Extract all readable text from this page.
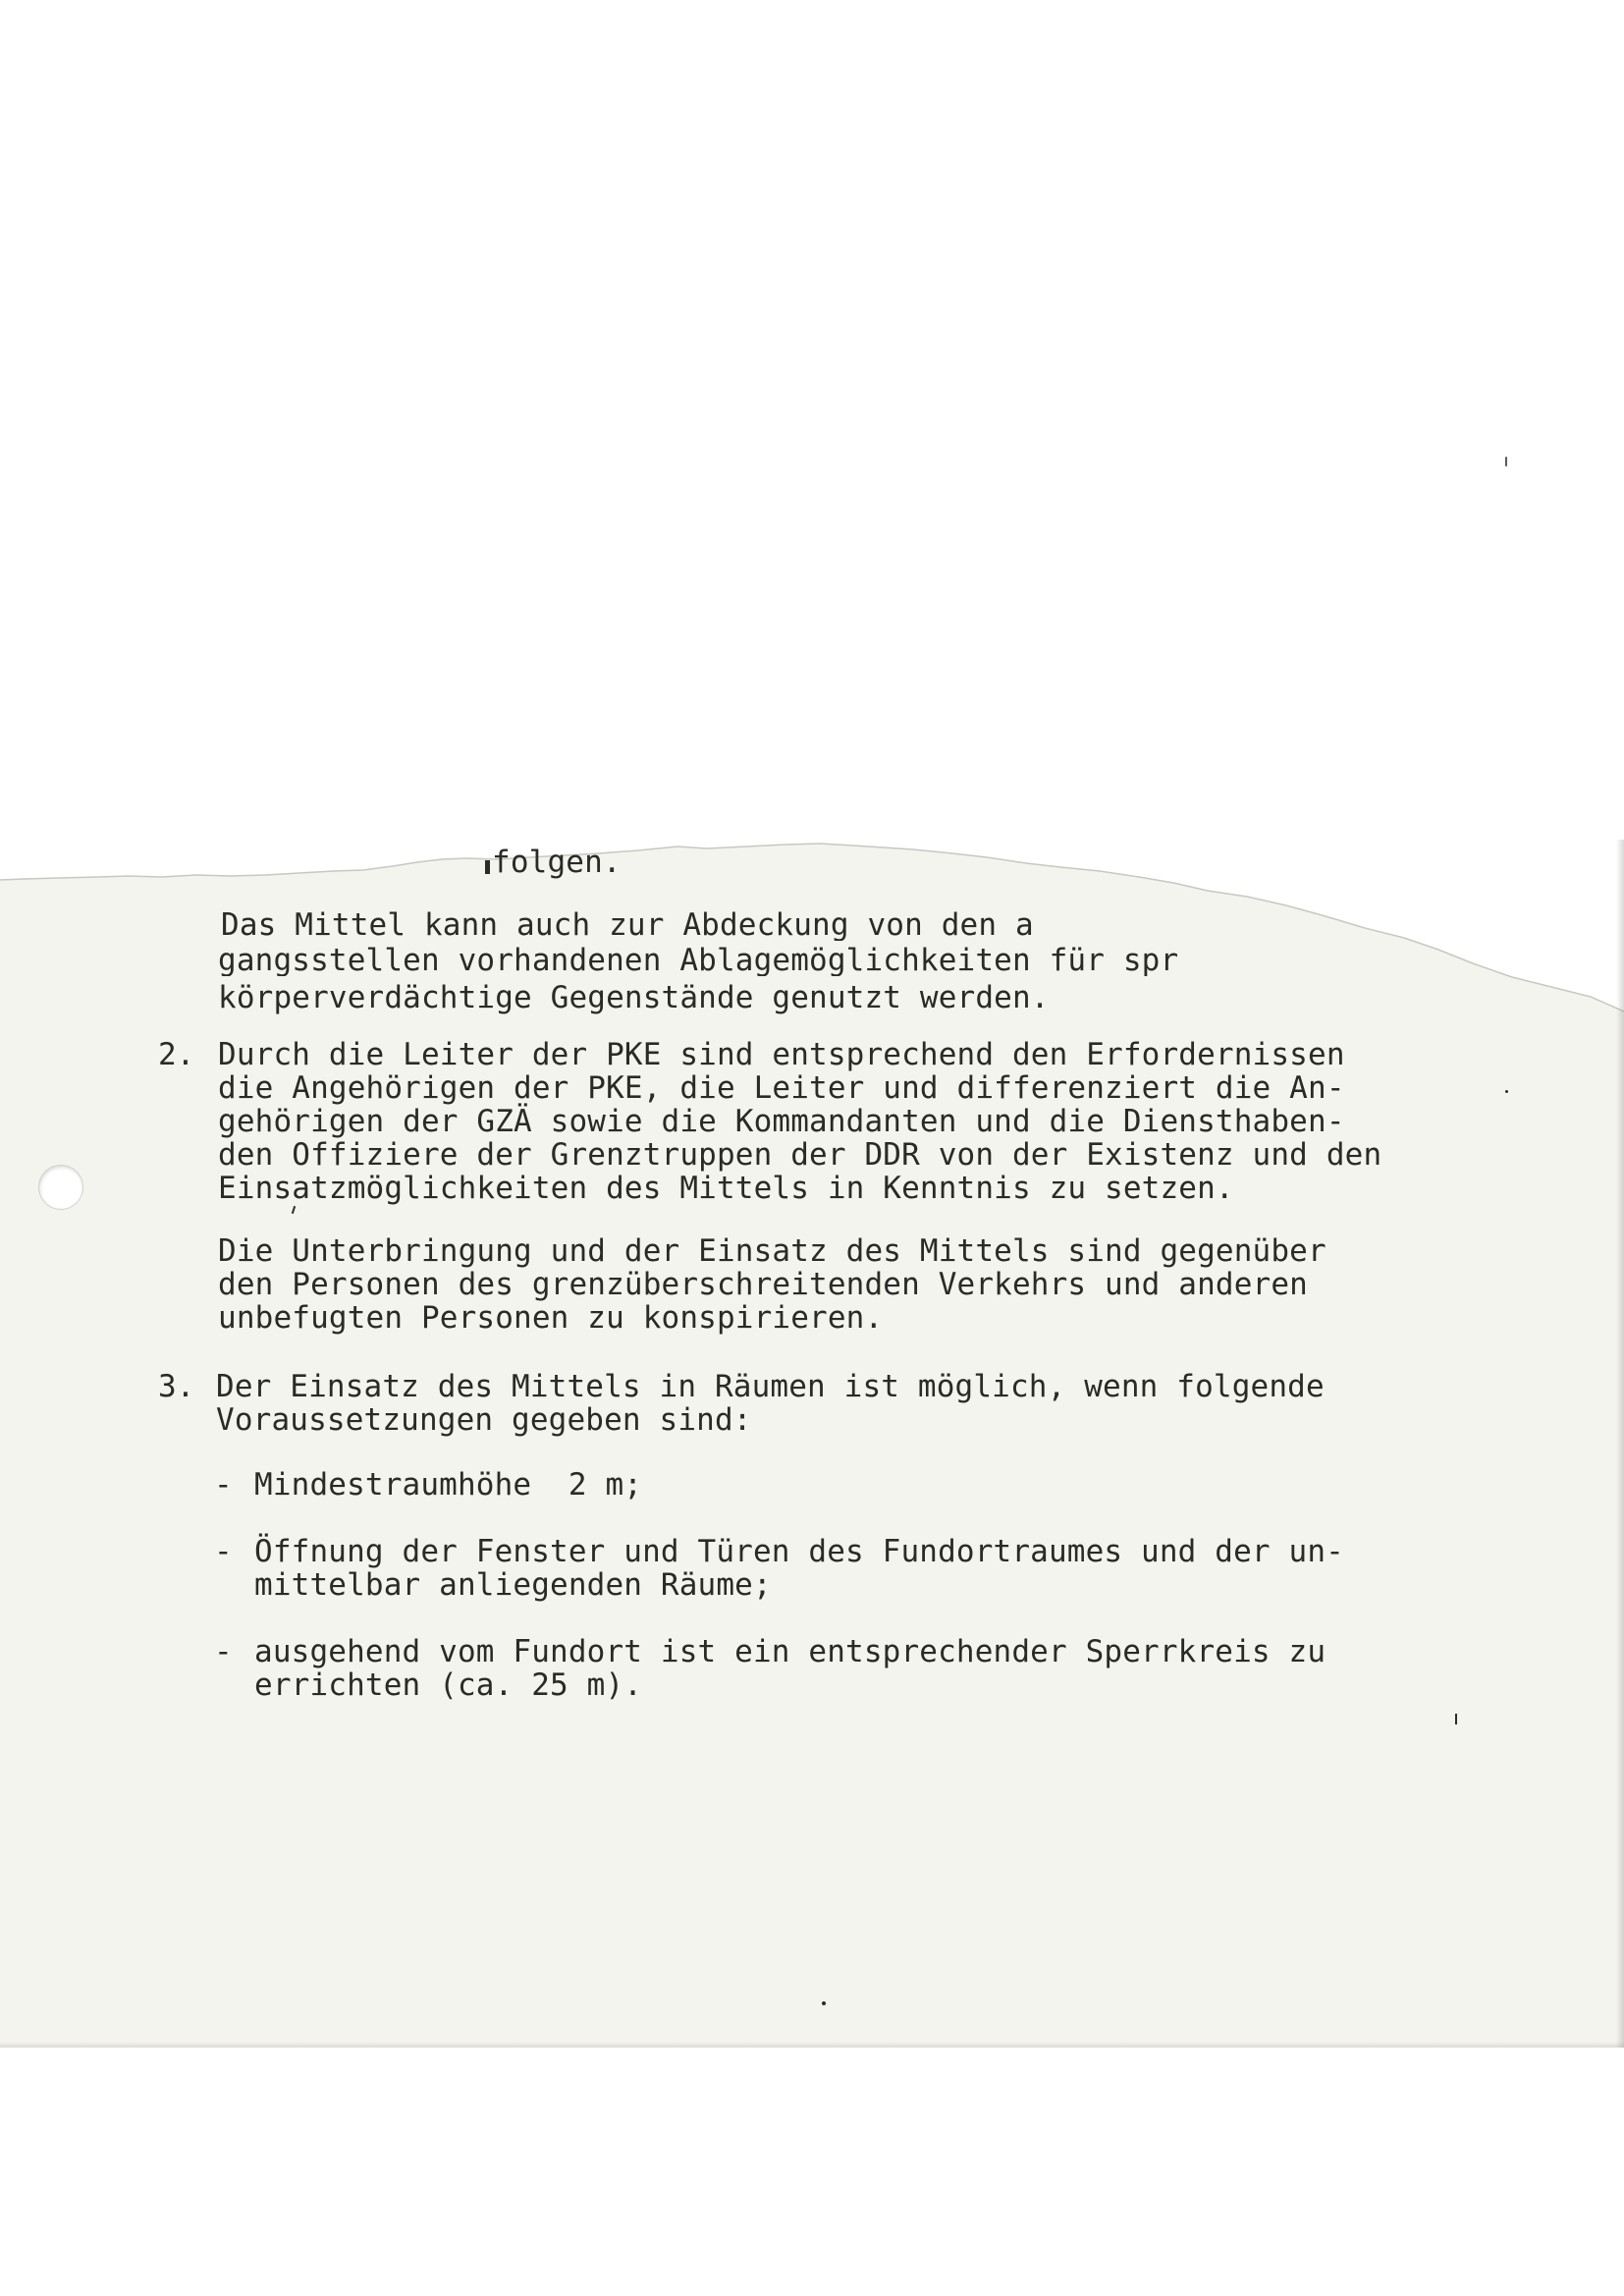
folgen.
Das Mittel kann auch zur Abdeckung von den a
gangsstellen vorhandenen Ablagemöglichkeiten für spr
körperverdächtige Gegenstände genutzt werden.
2. Durch die Leiter der PKE sind entsprechend den Erfordernissen
die Angehörigen der PKE, die Leiter und differenziert die An-
gehörigen der GZÄ sowie die Kommandanten und die Diensthaben-
den Offiziere der Grenztruppen der DDR von der Existenz und den
Einsatzmöglichkeiten des Mittels in Kenntnis zu setzen.
Die Unterbringung und der Einsatz des Mittels sind gegenüber
den Personen des grenzüberschreitenden Verkehrs und anderen
unbefugten Personen zu konspirieren.
3. Der Einsatz des Mittels in Räumen ist möglich, wenn folgende
Voraussetzungen gegeben sind:
- Mindestraumhöhe  2 m;
- Öffnung der Fenster und Türen des Fundortraumes und der un-
mittelbar anliegenden Räume;
- ausgehend vom Fundort ist ein entsprechender Sperrkreis zu
errichten (ca. 25 m).
